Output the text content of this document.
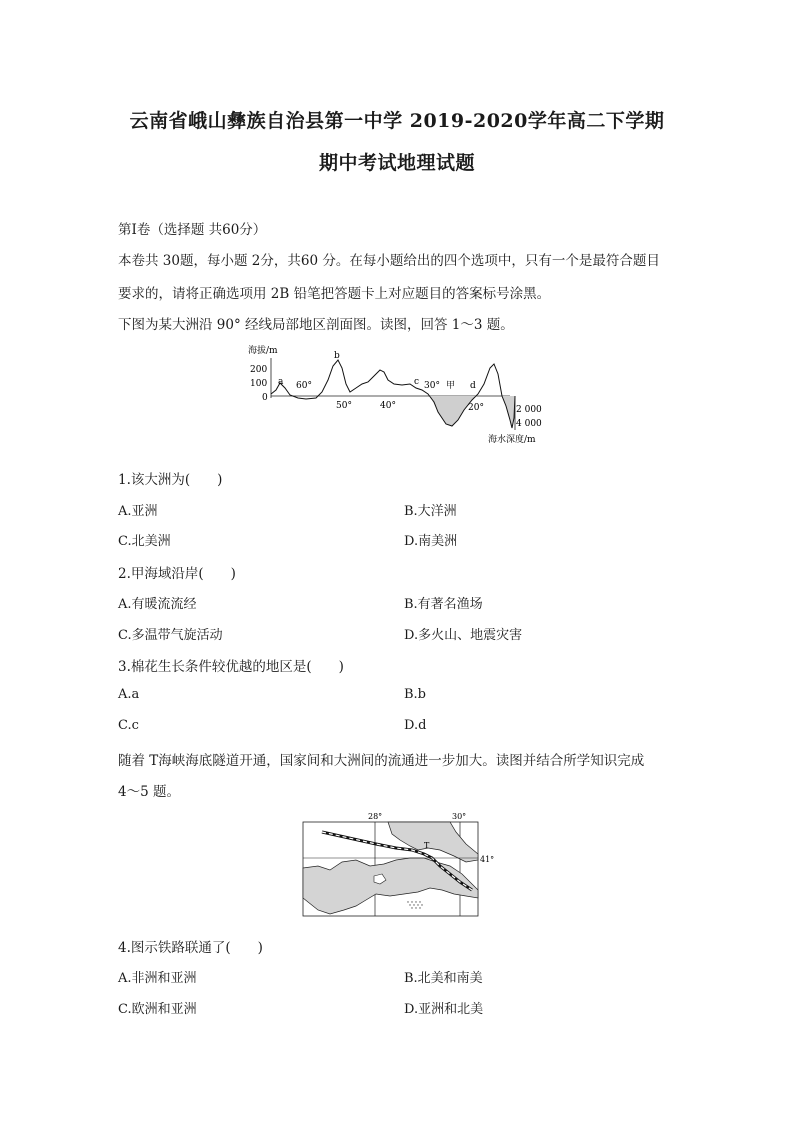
云南省峨山彝族自治县第一中学 2019-2020学年高二下学期
期中考试地理试题
第Ⅰ卷（选择题 共60分）
本卷共 30题，每小题 2分，共60 分。在每小题给出的四个选项中，只有一个是最符合题目
要求的，请将正确选项用 2B 铅笔把答题卡上对应题目的答案标号涂黑。
下图为某大洲沿 90° 经线局部地区剖面图。读图，回答 1～3 题。
海拔/m
200
100
0
2 000
4 000
海水深度/m
60°
50°	40°
30°
20°
a
b
c	d
甲
1.该大洲为(　　)
A.亚洲	B.大洋洲
C.北美洲	D.南美洲
2.甲海域沿岸(　　)
A.有暖流流经	B.有著名渔场
C.多温带气旋活动	D.多火山、地震灾害
3.棉花生长条件较优越的地区是(　　)
A.a	B.b
C.c	D.d
随着 T海峡海底隧道开通，国家间和大洲间的流通进一步加大。读图并结合所学知识完成
4～5 题。
28°	30°
41°
T
4.图示铁路联通了(　　)
A.非洲和亚洲	B.北美和南美
C.欧洲和亚洲	D.亚洲和北美
